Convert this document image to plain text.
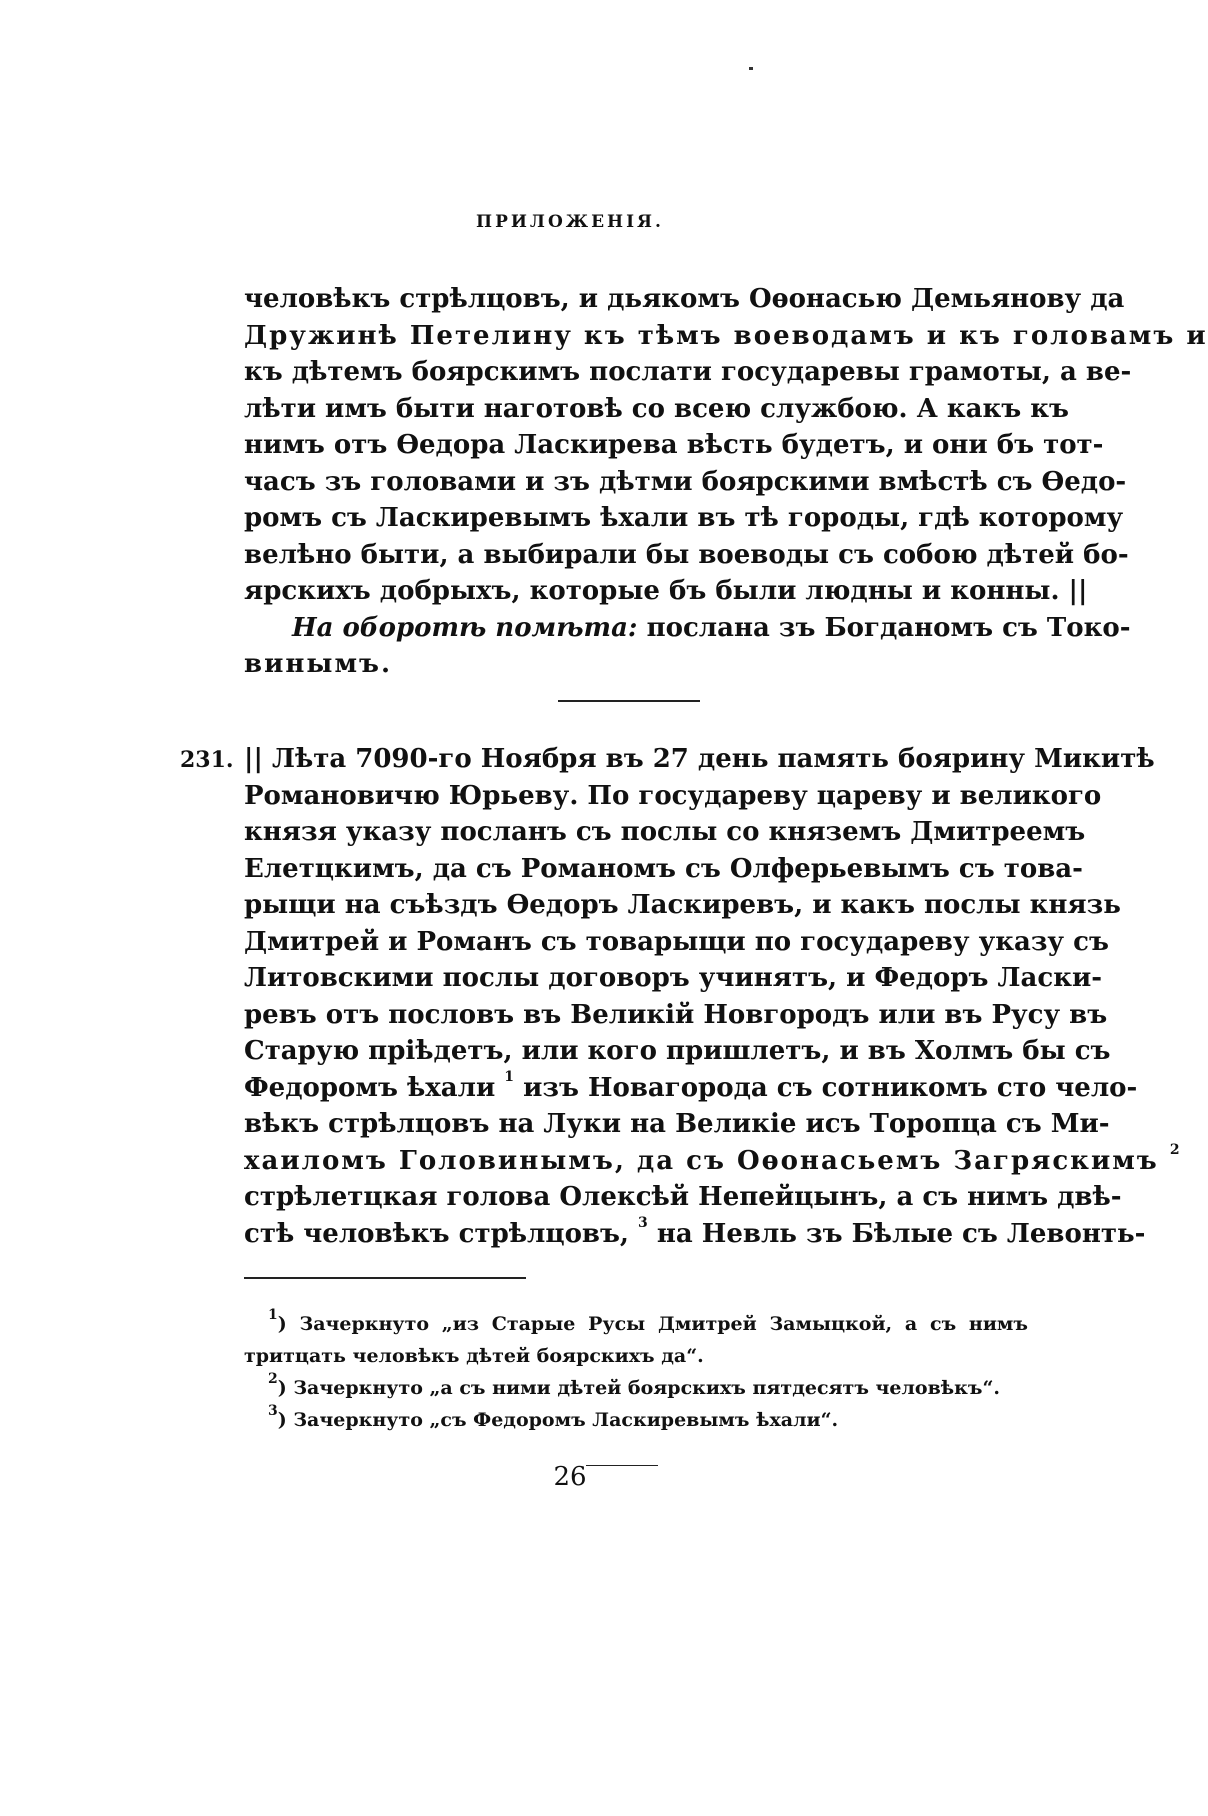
ПРИЛОЖЕНІЯ.
человѣкъ стрѣлцовъ, и дьякомъ Оѳонасью Демьянову да
Дружинѣ Петелину къ тѣмъ воеводамъ и къ головамъ и
къ дѣтемъ боярскимъ послати государевы грамоты, а ве-
лѣти имъ быти наготовѣ со всею службою. А какъ къ
нимъ отъ Ѳедора Ласкирева вѣсть будетъ, и они бъ тот-
часъ зъ головами и зъ дѣтми боярскими вмѣстѣ съ Ѳедо-
ромъ съ Ласкиревымъ ѣхали въ тѣ городы, гдѣ которому
велѣно быти, а выбирали бы воеводы съ собою дѣтей бо-
ярскихъ добрыхъ, которые бъ были людны и конны. ||
На оборотѣ помѣта: послана зъ Богданомъ съ Токо-
винымъ.
231. || Лѣта 7090-го Ноября въ 27 день память боярину Микитѣ
Романовичю Юрьеву. По государеву цареву и великого
князя указу посланъ съ послы со княземъ Дмитреемъ
Елетцкимъ, да съ Романомъ съ Олферьевымъ съ това-
рыщи на съѣздъ Ѳедоръ Ласкиревъ, и какъ послы князь
Дмитрей и Романъ съ товарыщи по государеву указу съ
Литовскими послы договоръ учинятъ, и Федоръ Ласки-
ревъ отъ пословъ въ Великій Новгородъ или въ Русу въ
Старую пріѣдетъ, или кого пришлетъ, и въ Холмъ бы съ
Федоромъ ѣхали $^1$ изъ Новагорода съ сотникомъ сто чело-
вѣкъ стрѣлцовъ на Луки на Великіе исъ Торопца съ Ми-
хаиломъ Головинымъ, да съ Оѳонасьемъ Загряскимъ $^2$
стрѣлетцкая голова Олексѣй Непейцынъ, а съ нимъ двѣ-
стѣ человѣкъ стрѣлцовъ, $^3$ на Невль зъ Бѣлые съ Левонть-
$^1$) Зачеркнуто „из Старые Русы Дмитрей Замыцкой, а съ нимъ
тритцать человѣкъ дѣтей боярскихъ да“.
$^2$) Зачеркнуто „а съ ними дѣтей боярскихъ пятдесятъ человѣкъ“.
$^3$) Зачеркнуто „съ Федоромъ Ласкиревымъ ѣхали“.
26
